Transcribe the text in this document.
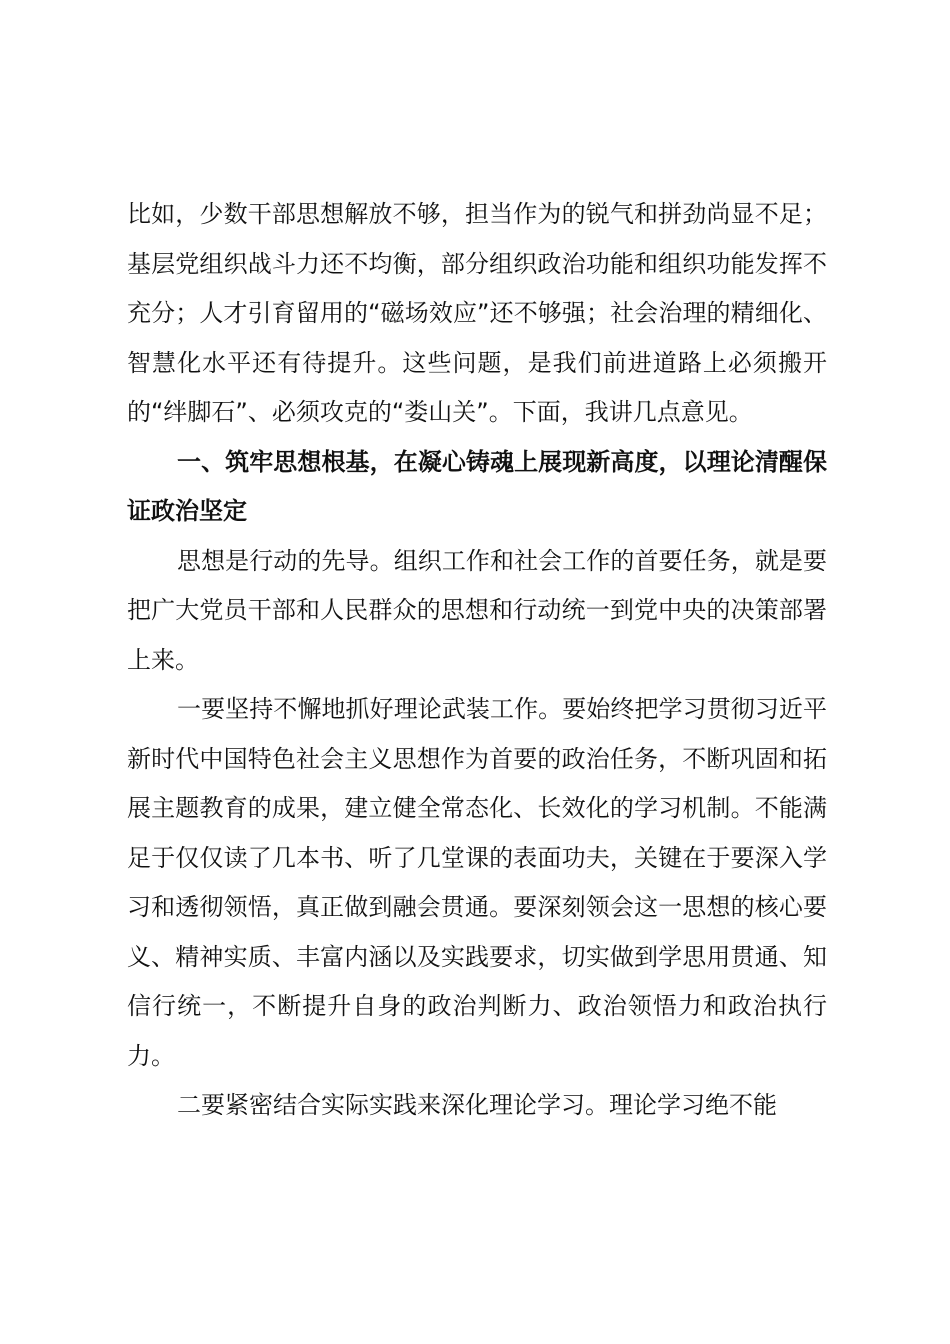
比如，少数干部思想解放不够，担当作为的锐气和拼劲尚显不足；基层党组织战斗力还不均衡，部分组织政治功能和组织功能发挥不充分；人才引育留用的“磁场效应”还不够强；社会治理的精细化、智慧化水平还有待提升。这些问题，是我们前进道路上必须搬开的“绊脚石”、必须攻克的“娄山关”。下面，我讲几点意见。

一、筑牢思想根基，在凝心铸魂上展现新高度，以理论清醒保证政治坚定

思想是行动的先导。组织工作和社会工作的首要任务，就是要把广大党员干部和人民群众的思想和行动统一到党中央的决策部署上来。

一要坚持不懈地抓好理论武装工作。要始终把学习贯彻习近平新时代中国特色社会主义思想作为首要的政治任务，不断巩固和拓展主题教育的成果，建立健全常态化、长效化的学习机制。不能满足于仅仅读了几本书、听了几堂课的表面功夫，关键在于要深入学习和透彻领悟，真正做到融会贯通。要深刻领会这一思想的核心要义、精神实质、丰富内涵以及实践要求，切实做到学思用贯通、知信行统一，不断提升自身的政治判断力、政治领悟力和政治执行力。

二要紧密结合实际实践来深化理论学习。理论学习绝不能
